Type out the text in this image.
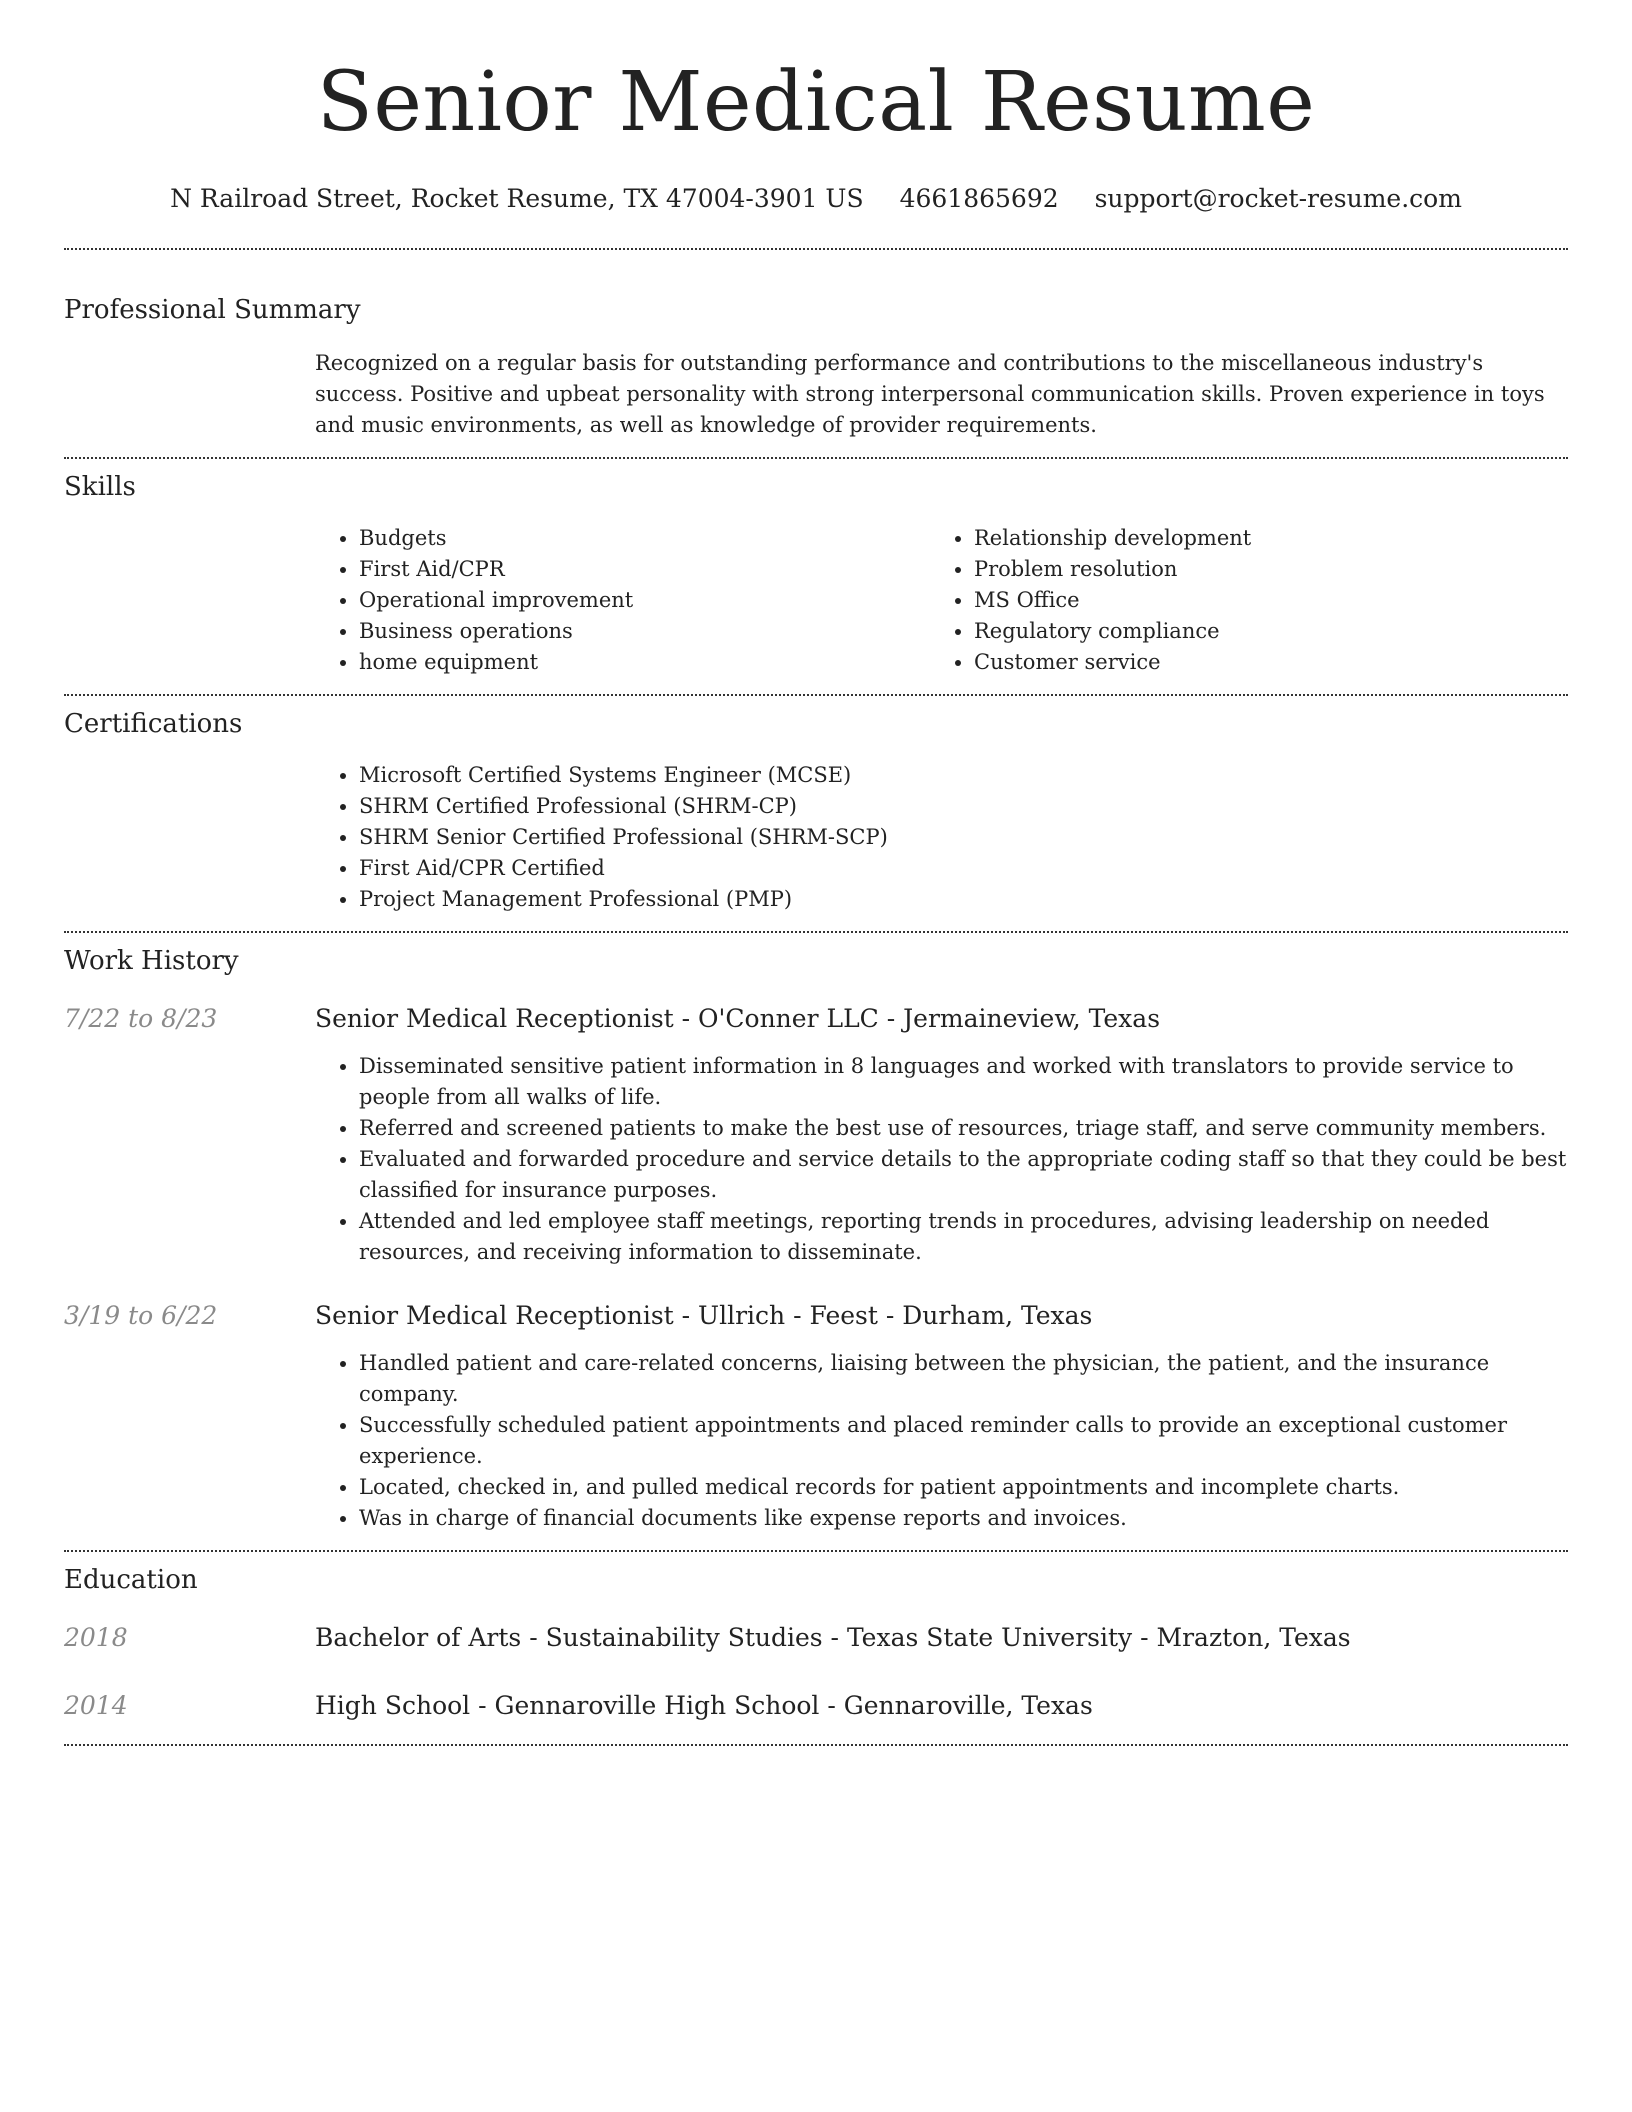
Senior Medical Resume
N Railroad Street, Rocket Resume, TX 47004-3901 US 4661865692 support@rocket-resume.com
Professional Summary
Recognized on a regular basis for outstanding performance and contributions to the miscellaneous industry's success. Positive and upbeat personality with strong interpersonal communication skills. Proven experience in toys and music environments, as well as knowledge of provider requirements.
Skills
• Budgets
• First Aid/CPR
• Operational improvement
• Business operations
• home equipment
• Relationship development
• Problem resolution
• MS Office
• Regulatory compliance
• Customer service
Certifications
• Microsoft Certified Systems Engineer (MCSE)
• SHRM Certified Professional (SHRM-CP)
• SHRM Senior Certified Professional (SHRM-SCP)
• First Aid/CPR Certified
• Project Management Professional (PMP)
Work History
7/22 to 8/23	Senior Medical Receptionist - O'Conner LLC - Jermaineview, Texas
• Disseminated sensitive patient information in 8 languages and worked with translators to provide service to people from all walks of life.
• Referred and screened patients to make the best use of resources, triage staff, and serve community members.
• Evaluated and forwarded procedure and service details to the appropriate coding staff so that they could be best classified for insurance purposes.
• Attended and led employee staff meetings, reporting trends in procedures, advising leadership on needed resources, and receiving information to disseminate.
3/19 to 6/22	Senior Medical Receptionist - Ullrich - Feest - Durham, Texas
• Handled patient and care-related concerns, liaising between the physician, the patient, and the insurance company.
• Successfully scheduled patient appointments and placed reminder calls to provide an exceptional customer experience.
• Located, checked in, and pulled medical records for patient appointments and incomplete charts.
• Was in charge of financial documents like expense reports and invoices.
Education
2018	Bachelor of Arts - Sustainability Studies - Texas State University - Mrazton, Texas
2014	High School - Gennaroville High School - Gennaroville, Texas
